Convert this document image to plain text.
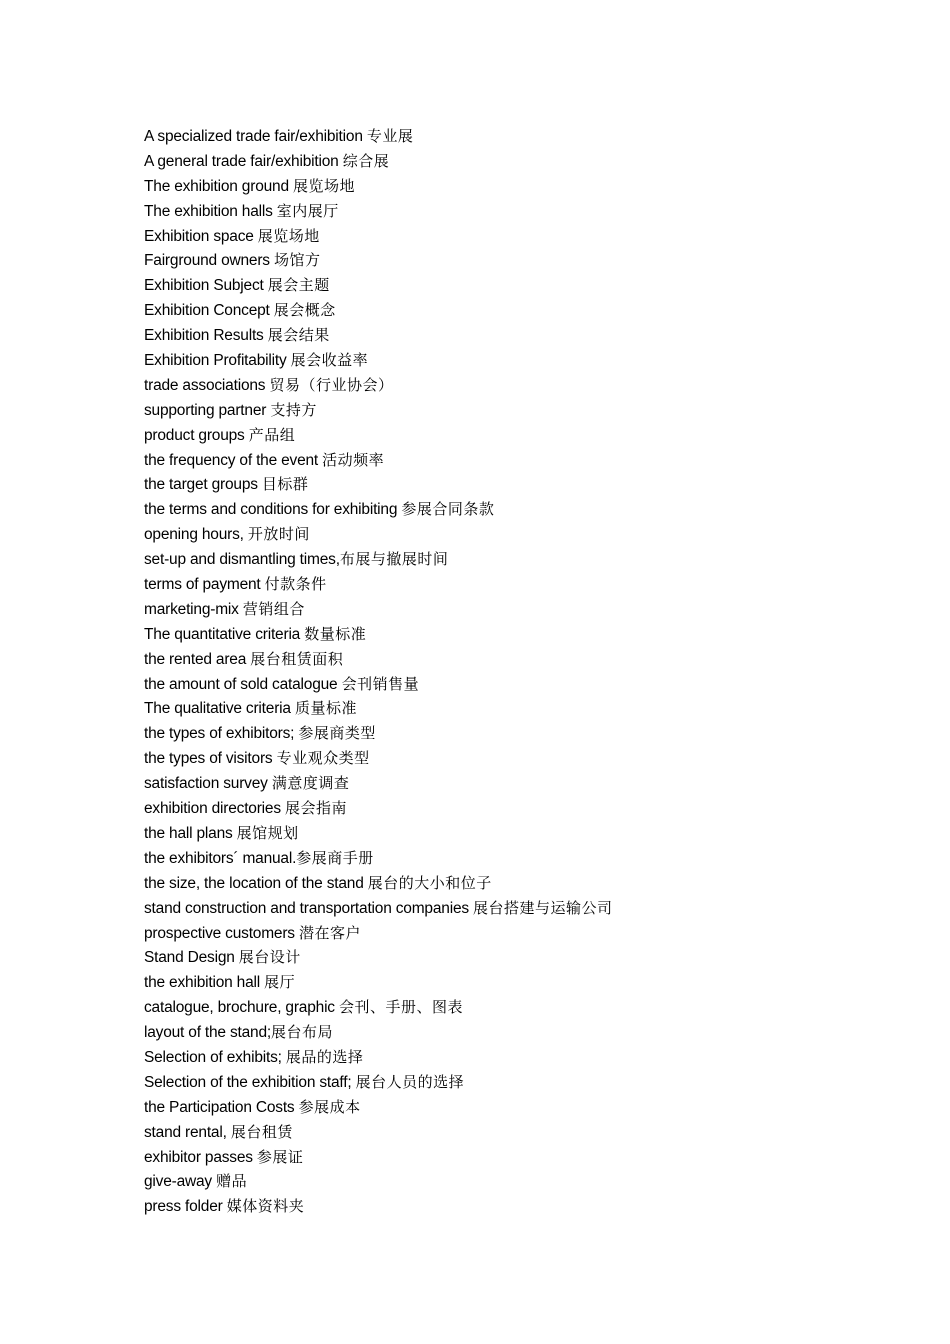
A specialized trade fair/exhibition 专业展
A general trade fair/exhibition 综合展
The exhibition ground 展览场地
The exhibition halls 室内展厅
Exhibition space 展览场地
Fairground owners 场馆方
Exhibition Subject 展会主题
Exhibition Concept 展会概念
Exhibition Results 展会结果
Exhibition Profitability 展会收益率
trade associations 贸易（行业协会）
supporting partner 支持方
product groups 产品组
the frequency of the event 活动频率
the target groups 目标群
the terms and conditions for exhibiting 参展合同条款
opening hours, 开放时间
set-up and dismantling times,布展与撤展时间
terms of payment 付款条件
marketing-mix 营销组合
The quantitative criteria 数量标准
the rented area 展台租赁面积
the amount of sold catalogue 会刊销售量
The qualitative criteria 质量标准
the types of exhibitors; 参展商类型
the types of visitors 专业观众类型
satisfaction survey 满意度调查
exhibition directories 展会指南
the hall plans 展馆规划
the exhibitors´ manual.参展商手册
the size, the location of the stand 展台的大小和位子
stand construction and transportation companies 展台搭建与运输公司
prospective customers 潜在客户
Stand Design 展台设计
the exhibition hall 展厅
catalogue, brochure, graphic 会刊、手册、图表
layout of the stand;展台布局
Selection of exhibits; 展品的选择
Selection of the exhibition staff; 展台人员的选择
the Participation Costs 参展成本
stand rental, 展台租赁
exhibitor passes 参展证
give-away 赠品
press folder 媒体资料夹
